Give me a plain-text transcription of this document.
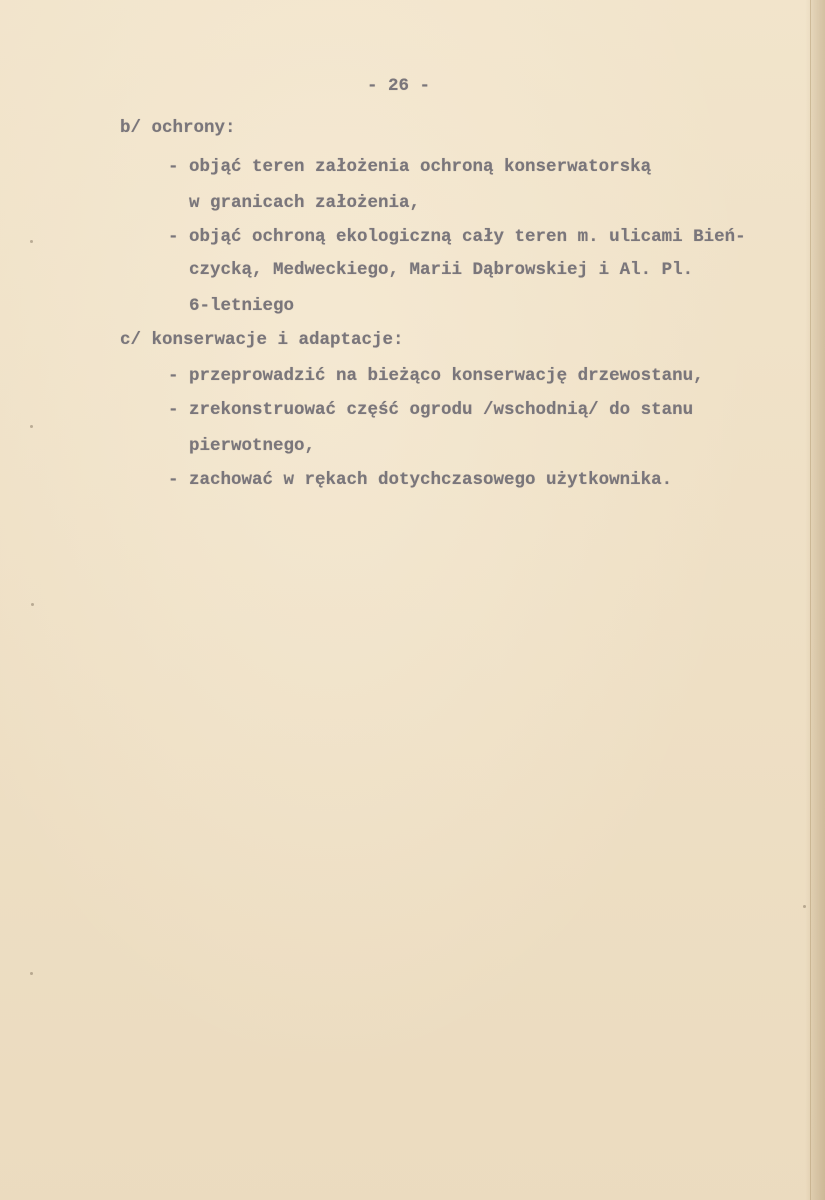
- 26 -
b/ ochrony:
- objąć teren założenia ochroną konserwatorską
w granicach założenia,
- objąć ochroną ekologiczną cały teren m. ulicami Bień-
czycką, Medweckiego, Marii Dąbrowskiej i Al. Pl.
6-letniego
c/ konserwacje i adaptacje:
- przeprowadzić na bieżąco konserwację drzewostanu,
- zrekonstruować część ogrodu /wschodnią/ do stanu
pierwotnego,
- zachować w rękach dotychczasowego użytkownika.
